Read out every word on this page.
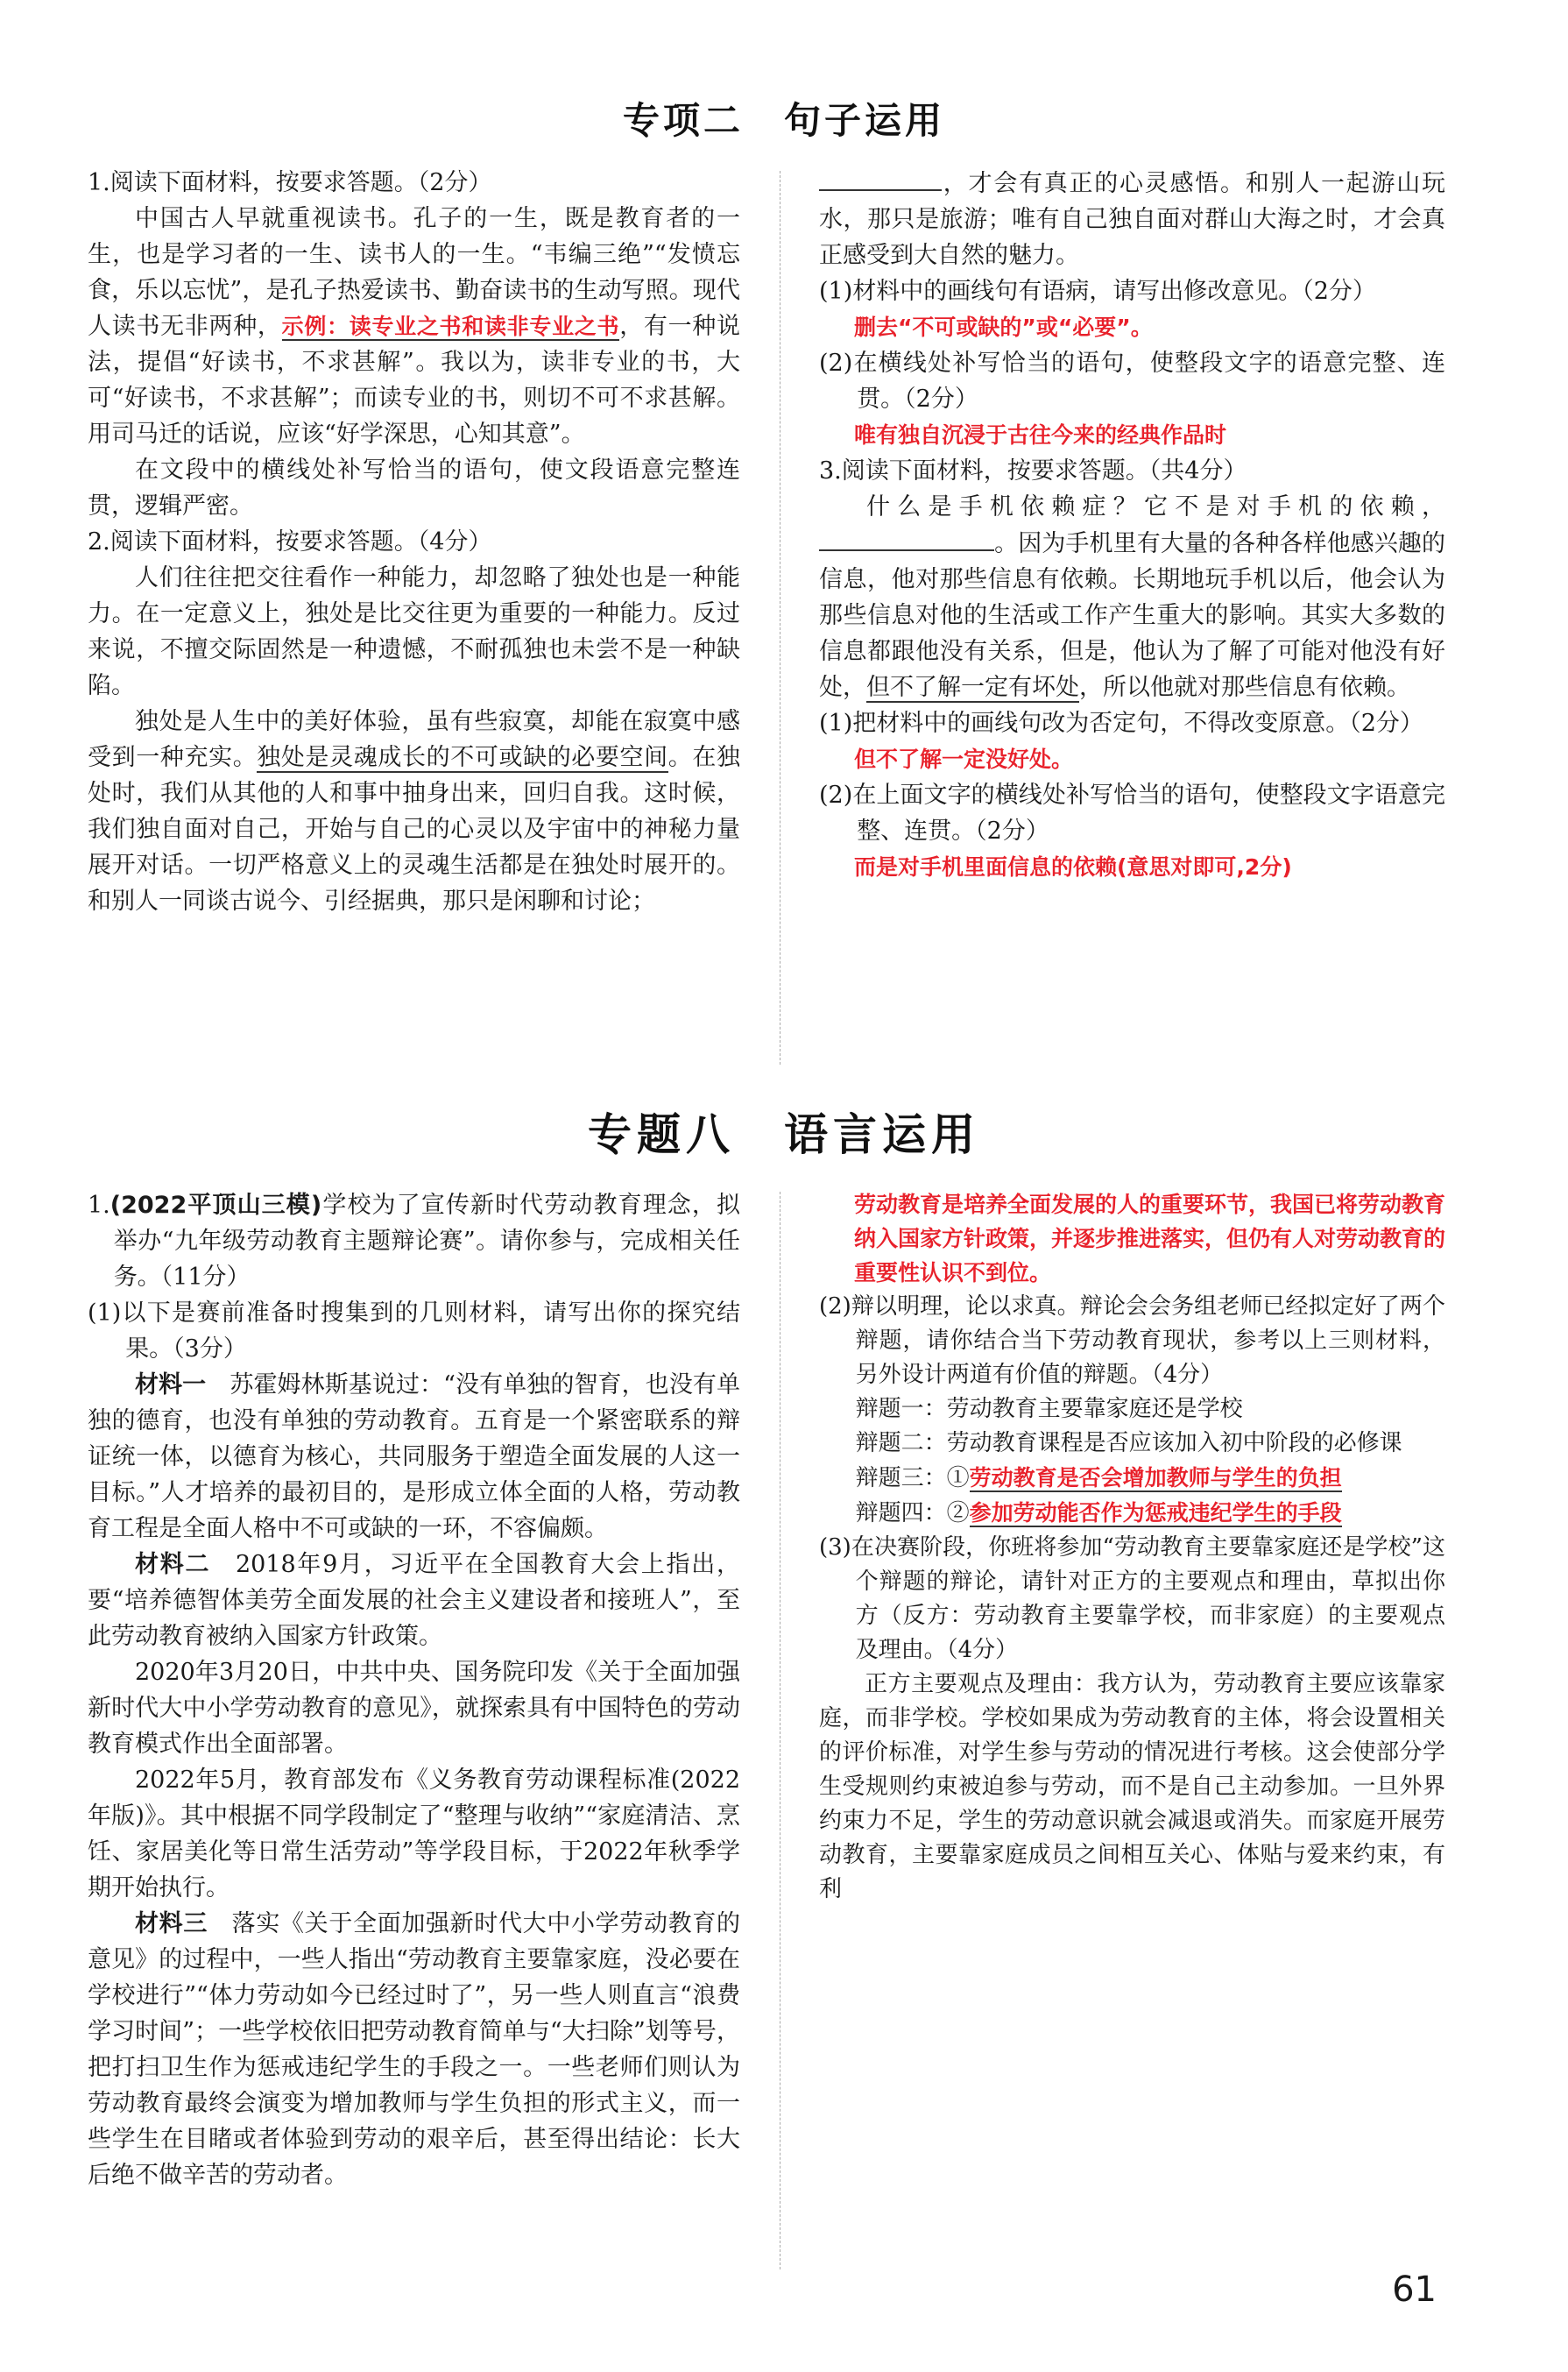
专项二　句子运用

1.阅读下面材料，按要求答题。（2分）

中国古人早就重视读书。孔子的一生，既是教育者的一生，也是学习者的一生、读书人的一生。“韦编三绝”“发愤忘食，乐以忘忧”，是孔子热爱读书、勤奋读书的生动写照。现代人读书无非两种，示例：读专业之书和读非专业之书，有一种说法，提倡“好读书，不求甚解”。我以为，读非专业的书，大可“好读书，不求甚解”；而读专业的书，则切不可不求甚解。用司马迁的话说，应该“好学深思，心知其意”。

在文段中的横线处补写恰当的语句，使文段语意完整连贯，逻辑严密。

2.阅读下面材料，按要求答题。（4分）

人们往往把交往看作一种能力，却忽略了独处也是一种能力。在一定意义上，独处是比交往更为重要的一种能力。反过来说，不擅交际固然是一种遗憾，不耐孤独也未尝不是一种缺陷。

独处是人生中的美好体验，虽有些寂寞，却能在寂寞中感受到一种充实。独处是灵魂成长的不可或缺的必要空间。在独处时，我们从其他的人和事中抽身出来，回归自我。这时候，我们独自面对自己，开始与自己的心灵以及宇宙中的神秘力量展开对话。一切严格意义上的灵魂生活都是在独处时展开的。和别人一同谈古说今、引经据典，那只是闲聊和讨论；

，才会有真正的心灵感悟。和别人一起游山玩水，那只是旅游；唯有自己独自面对群山大海之时，才会真正感受到大自然的魅力。

(1)材料中的画线句有语病，请写出修改意见。（2分）

删去“不可或缺的”或“必要”。

(2)在横线处补写恰当的语句，使整段文字的语意完整、连贯。（2分）

唯有独自沉浸于古往今来的经典作品时

3.阅读下面材料，按要求答题。（共4分）

什么是手机依赖症？它不是对手机的依赖，。因为手机里有大量的各种各样他感兴趣的信息，他对那些信息有依赖。长期地玩手机以后，他会认为那些信息对他的生活或工作产生重大的影响。其实大多数的信息都跟他没有关系，但是，他认为了解了可能对他没有好处，但不了解一定有坏处，所以他就对那些信息有依赖。

(1)把材料中的画线句改为否定句，不得改变原意。（2分）

但不了解一定没好处。

(2)在上面文字的横线处补写恰当的语句，使整段文字语意完整、连贯。（2分）

而是对手机里面信息的依赖(意思对即可,2分)

专题八　语言运用

1.(2022平顶山三模)学校为了宣传新时代劳动教育理念，拟举办“九年级劳动教育主题辩论赛”。请你参与，完成相关任务。（11分）

(1)以下是赛前准备时搜集到的几则材料，请写出你的探究结果。（3分）

材料一　 苏霍姆林斯基说过：“没有单独的智育，也没有单独的德育，也没有单独的劳动教育。五育是一个紧密联系的辩证统一体，以德育为核心，共同服务于塑造全面发展的人这一目标。”人才培养的最初目的，是形成立体全面的人格，劳动教育工程是全面人格中不可或缺的一环，不容偏颇。

材料二　 2018年9月，习近平在全国教育大会上指出，要“培养德智体美劳全面发展的社会主义建设者和接班人”，至此劳动教育被纳入国家方针政策。

2020年3月20日，中共中央、国务院印发《关于全面加强新时代大中小学劳动教育的意见》，就探索具有中国特色的劳动教育模式作出全面部署。

2022年5月，教育部发布《义务教育劳动课程标准(2022年版)》。其中根据不同学段制定了“整理与收纳”“家庭清洁、烹饪、家居美化等日常生活劳动”等学段目标，于2022年秋季学期开始执行。

材料三　 落实《关于全面加强新时代大中小学劳动教育的意见》的过程中，一些人指出“劳动教育主要靠家庭，没必要在学校进行”“体力劳动如今已经过时了”，另一些人则直言“浪费学习时间”；一些学校依旧把劳动教育简单与“大扫除”划等号，把打扫卫生作为惩戒违纪学生的手段之一。一些老师们则认为劳动教育最终会演变为增加教师与学生负担的形式主义，而一些学生在目睹或者体验到劳动的艰辛后，甚至得出结论：长大后绝不做辛苦的劳动者。

劳动教育是培养全面发展的人的重要环节，我国已将劳动教育纳入国家方针政策，并逐步推进落实，但仍有人对劳动教育的重要性认识不到位。

(2)辩以明理，论以求真。辩论会会务组老师已经拟定好了两个辩题，请你结合当下劳动教育现状，参考以上三则材料，另外设计两道有价值的辩题。（4分）

辩题一：劳动教育主要靠家庭还是学校

辩题二：劳动教育课程是否应该加入初中阶段的必修课

辩题三：①劳动教育是否会增加教师与学生的负担

辩题四：②参加劳动能否作为惩戒违纪学生的手段

(3)在决赛阶段，你班将参加“劳动教育主要靠家庭还是学校”这个辩题的辩论，请针对正方的主要观点和理由，草拟出你方（反方：劳动教育主要靠学校，而非家庭）的主要观点及理由。（4分）

正方主要观点及理由：我方认为，劳动教育主要应该靠家庭，而非学校。学校如果成为劳动教育的主体，将会设置相关的评价标准，对学生参与劳动的情况进行考核。这会使部分学生受规则约束被迫参与劳动，而不是自己主动参加。一旦外界约束力不足，学生的劳动意识就会减退或消失。而家庭开展劳动教育，主要靠家庭成员之间相互关心、体贴与爱来约束，有利

61
